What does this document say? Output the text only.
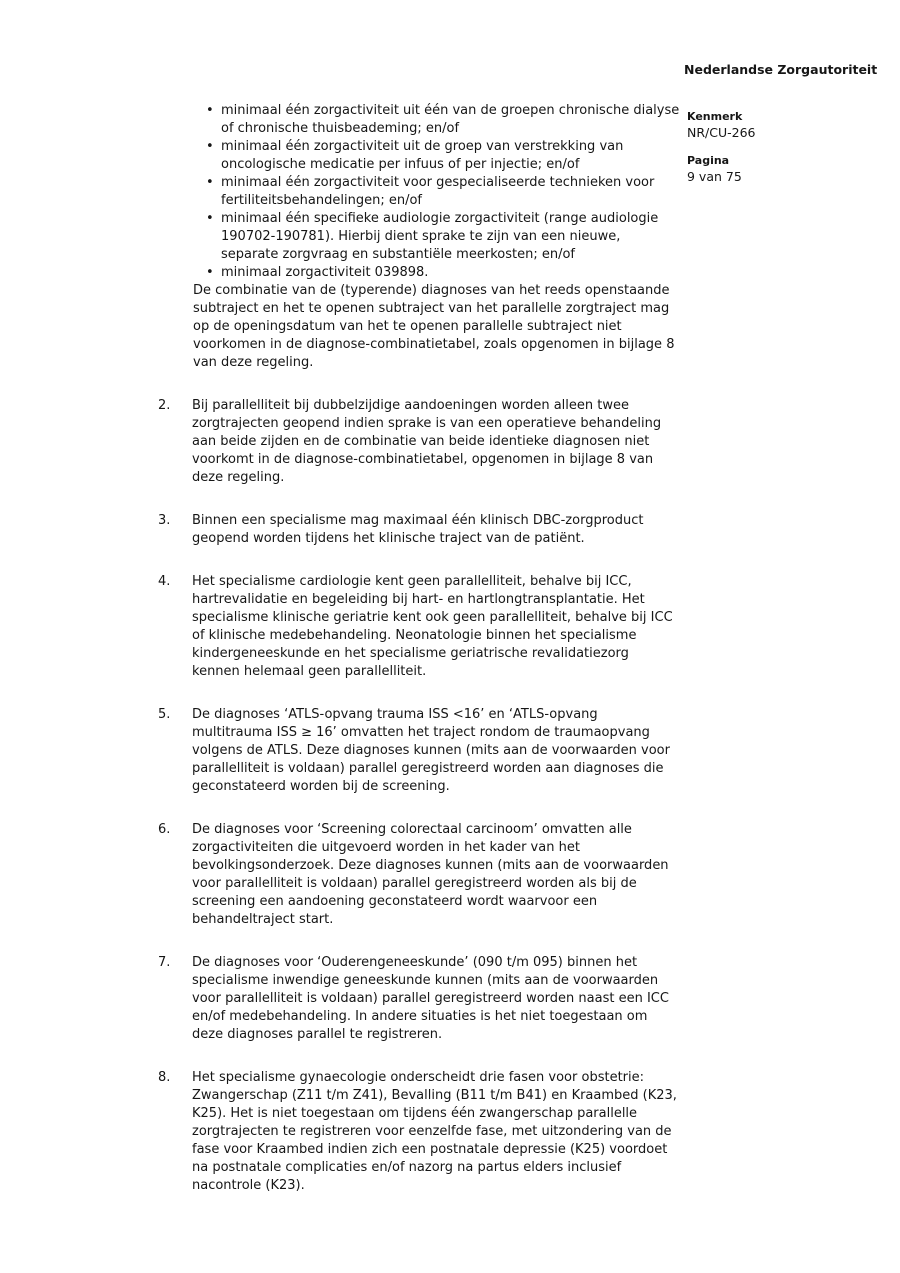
Nederlandse Zorgautoriteit
Kenmerk
NR/CU-266
Pagina
9 van 75
• minimaal één zorgactiviteit uit één van de groepen chronische dialyse of chronische thuisbeademing; en/of
• minimaal één zorgactiviteit uit de groep van verstrekking van oncologische medicatie per infuus of per injectie; en/of
• minimaal één zorgactiviteit voor gespecialiseerde technieken voor fertiliteitsbehandelingen; en/of
• minimaal één specifieke audiologie zorgactiviteit (range audiologie 190702-190781). Hierbij dient sprake te zijn van een nieuwe, separate zorgvraag en substantiële meerkosten; en/of
• minimaal zorgactiviteit 039898.

De combinatie van de (typerende) diagnoses van het reeds openstaande subtraject en het te openen subtraject van het parallelle zorgtraject mag op de openingsdatum van het te openen parallelle subtraject niet voorkomen in de diagnose-combinatietabel, zoals opgenomen in bijlage 8 van deze regeling.

2.	Bij parallelliteit bij dubbelzijdige aandoeningen worden alleen twee zorgtrajecten geopend indien sprake is van een operatieve behandeling aan beide zijden en de combinatie van beide identieke diagnosen niet voorkomt in de diagnose-combinatietabel, opgenomen in bijlage 8 van deze regeling.
3.	Binnen een specialisme mag maximaal één klinisch DBC-zorgproduct geopend worden tijdens het klinische traject van de patiënt.
4.	Het specialisme cardiologie kent geen parallelliteit, behalve bij ICC, hartrevalidatie en begeleiding bij hart- en hartlongtransplantatie. Het specialisme klinische geriatrie kent ook geen parallelliteit, behalve bij ICC of klinische medebehandeling. Neonatologie binnen het specialisme kindergeneeskunde en het specialisme geriatrische revalidatiezorg kennen helemaal geen parallelliteit.
5.	De diagnoses ‘ATLS-opvang trauma ISS <16’ en ‘ATLS-opvang multitrauma ISS ≥ 16’ omvatten het traject rondom de traumaopvang volgens de ATLS. Deze diagnoses kunnen (mits aan de voorwaarden voor parallelliteit is voldaan) parallel geregistreerd worden aan diagnoses die geconstateerd worden bij de screening.
6.	De diagnoses voor ‘Screening colorectaal carcinoom’ omvatten alle zorgactiviteiten die uitgevoerd worden in het kader van het bevolkingsonderzoek. Deze diagnoses kunnen (mits aan de voorwaarden voor parallelliteit is voldaan) parallel geregistreerd worden als bij de screening een aandoening geconstateerd wordt waarvoor een behandeltraject start.
7.	De diagnoses voor ‘Ouderengeneeskunde’ (090 t/m 095) binnen het specialisme inwendige geneeskunde kunnen (mits aan de voorwaarden voor parallelliteit is voldaan) parallel geregistreerd worden naast een ICC en/of medebehandeling. In andere situaties is het niet toegestaan om deze diagnoses parallel te registreren.
8.	Het specialisme gynaecologie onderscheidt drie fasen voor obstetrie: Zwangerschap (Z11 t/m Z41), Bevalling (B11 t/m B41) en Kraambed (K23, K25). Het is niet toegestaan om tijdens één zwangerschap parallelle zorgtrajecten te registreren voor eenzelfde fase, met uitzondering van de fase voor Kraambed indien zich een postnatale depressie (K25) voordoet na postnatale complicaties en/of nazorg na partus elders inclusief nacontrole (K23).
